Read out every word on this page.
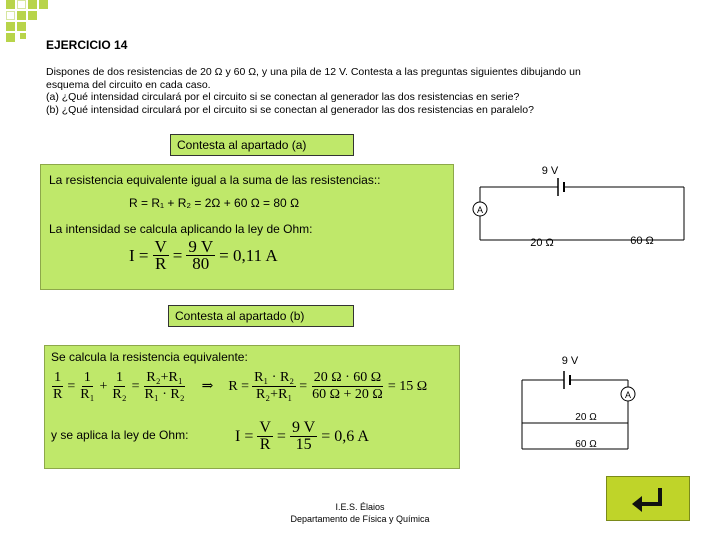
EJERCICIO 14
Dispones de dos resistencias de 20 Ω y 60 Ω, y una pila de 12 V. Contesta a las preguntas siguientes dibujando un
esquema del circuito en cada caso.
(a) ¿Qué intensidad circulará por el circuito si se conectan al generador las dos resistencias en serie?
(b) ¿Qué intensidad circulará por el circuito si se conectan al generador las dos resistencias en paralelo?
Contesta al apartado (a)
La resistencia equivalente igual a la suma de las resistencias::
R = R₁ + R₂ = 2Ω + 60 Ω = 80 Ω
La intensidad se calcula aplicando la ley de Ohm:
$I = \frac{V}{R} = \frac{9 V}{80} = 0,11$ A
A
9 V
20 Ω	60 Ω
Contesta al apartado (b)
Se calcula la resistencia equivalente:
$\frac{1}{R} = \frac{1}{\text{R₁}} + \frac{1}{\text{R₂}} = \frac{\text{R₂+R₁}}{\text{R₁ · R₂}}$	⇒	$R = \frac{\text{R₁ · R₂}}{\text{R₂+R₁}} = \frac{20 \Omega \cdot 60 \Omega}{60 \Omega + 20 \Omega} = 15$ Ω
y se aplica la ley de Ohm:	$I = \frac{V}{R} = \frac{9 V}{15} = 0,6$ A
A
9 V
20 Ω
60 Ω
I.E.S. Élaios
Departamento de Física y Química
